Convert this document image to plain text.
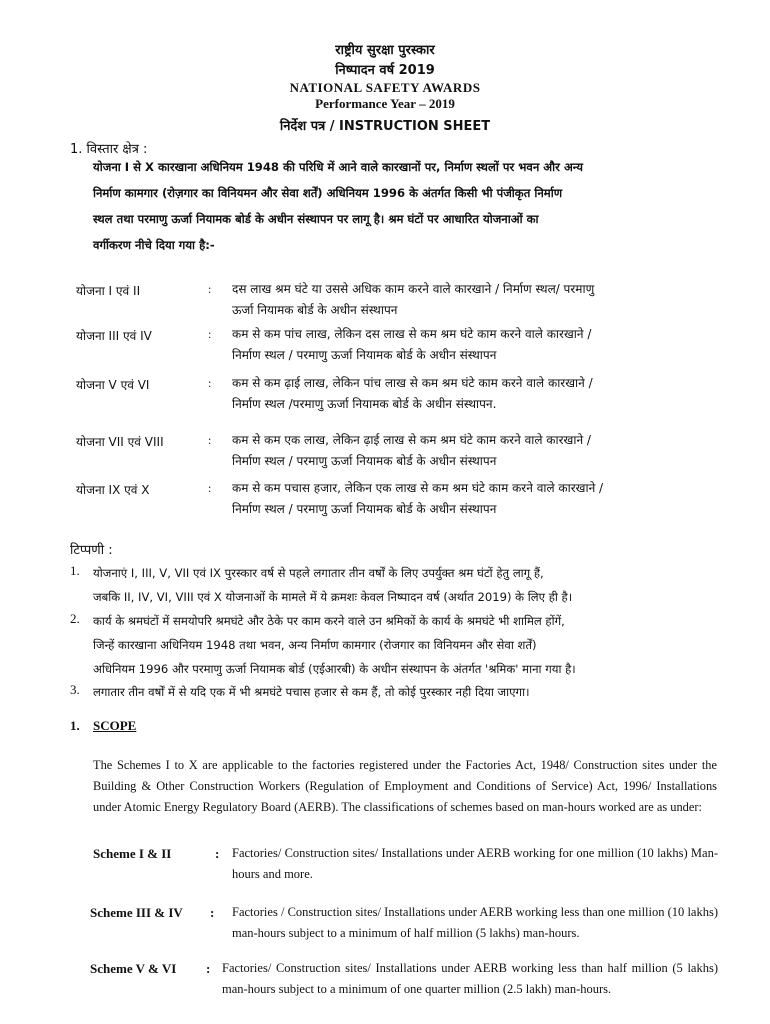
राष्ट्रीय सुरक्षा पुरस्कार
निष्पादन वर्ष 2019
NATIONAL SAFETY AWARDS
Performance Year – 2019
निर्देश पत्र / INSTRUCTION SHEET
1. विस्तार क्षेत्र :
योजना I से X कारखाना अधिनियम 1948 की परिधि में आने वाले कारखानों पर, निर्माण स्थलों पर भवन और अन्य
निर्माण कामगार (रोज़गार का विनियमन और सेवा शर्तें) अधिनियम 1996 के अंतर्गत किसी भी पंजीकृत निर्माण
स्थल तथा परमाणु ऊर्जा नियामक बोर्ड के अधीन संस्थापन पर लागू है। श्रम घंटों पर आधारित योजनाओं का
वर्गीकरण नीचे दिया गया है:-
योजना I एवं II	: दस लाख श्रम घंटे या उससे अधिक काम करने वाले कारखाने / निर्माण स्थल/ परमाणु
ऊर्जा नियामक बोर्ड के अधीन संस्थापन
योजना III एवं IV	: कम से कम पांच लाख, लेकिन दस लाख से कम श्रम घंटे काम करने वाले कारखाने /
निर्माण स्थल / परमाणु ऊर्जा नियामक बोर्ड के अधीन संस्थापन
योजना V एवं VI	: कम से कम ढ़ाई लाख, लेकिन पांच लाख से कम श्रम घंटे काम करने वाले कारखाने /
निर्माण स्थल /परमाणु ऊर्जा नियामक बोर्ड के अधीन संस्थापन.
योजना VII एवं VIII	: कम से कम एक लाख, लेकिन ढ़ाई लाख से कम श्रम घंटे काम करने वाले कारखाने /
निर्माण स्थल / परमाणु ऊर्जा नियामक बोर्ड के अधीन संस्थापन
योजना IX एवं X	: कम से कम पचास हजार, लेकिन एक लाख से कम श्रम घंटे काम करने वाले कारखाने /
निर्माण स्थल / परमाणु ऊर्जा नियामक बोर्ड के अधीन संस्थापन
टिप्पणी :
1. योजनाएं I, III, V, VII एवं IX पुरस्कार वर्ष से पहले लगातार तीन वर्षों के लिए उपर्युक्त श्रम घंटों हेतु लागू हैं,
जबकि II, IV, VI, VIII एवं X योजनाओं के मामले में ये क्रमशः केवल निष्पादन वर्ष (अर्थात 2019) के लिए ही है।
2. कार्य के श्रमघंटों में समयोपरि श्रमघंटे और ठेके पर काम करने वाले उन श्रमिकों के कार्य के श्रमघंटे भी शामिल होंगें,
जिन्हें कारखाना अधिनियम 1948 तथा भवन, अन्य निर्माण कामगार (रोजगार का विनियमन और सेवा शर्तें)
अधिनियम 1996 और परमाणु ऊर्जा नियामक बोर्ड (एईआरबी) के अधीन संस्थापन के अंतर्गत 'श्रमिक' माना गया है।
3. लगातार तीन वर्षों में से यदि एक में भी श्रमघंटे पचास हजार से कम हैं, तो कोई पुरस्कार नही दिया जाएगा।
1. SCOPE
The Schemes I to X are applicable to the factories registered under the Factories Act, 1948/ Construction sites under the Building & Other Construction Workers (Regulation of Employment and Conditions of Service) Act, 1996/ Installations under Atomic Energy Regulatory Board (AERB). The classifications of schemes based on man-hours worked are as under:
Scheme I & II	: Factories/ Construction sites/ Installations under AERB working for one million (10 lakhs) Man-hours and more.
Scheme III & IV : Factories / Construction sites/ Installations under AERB working less than one million (10 lakhs) man-hours subject to a minimum of half million (5 lakhs) man-hours.
Scheme V & VI : Factories/ Construction sites/ Installations under AERB working less than half million (5 lakhs) man-hours subject to a minimum of one quarter million (2.5 lakh) man-hours.
